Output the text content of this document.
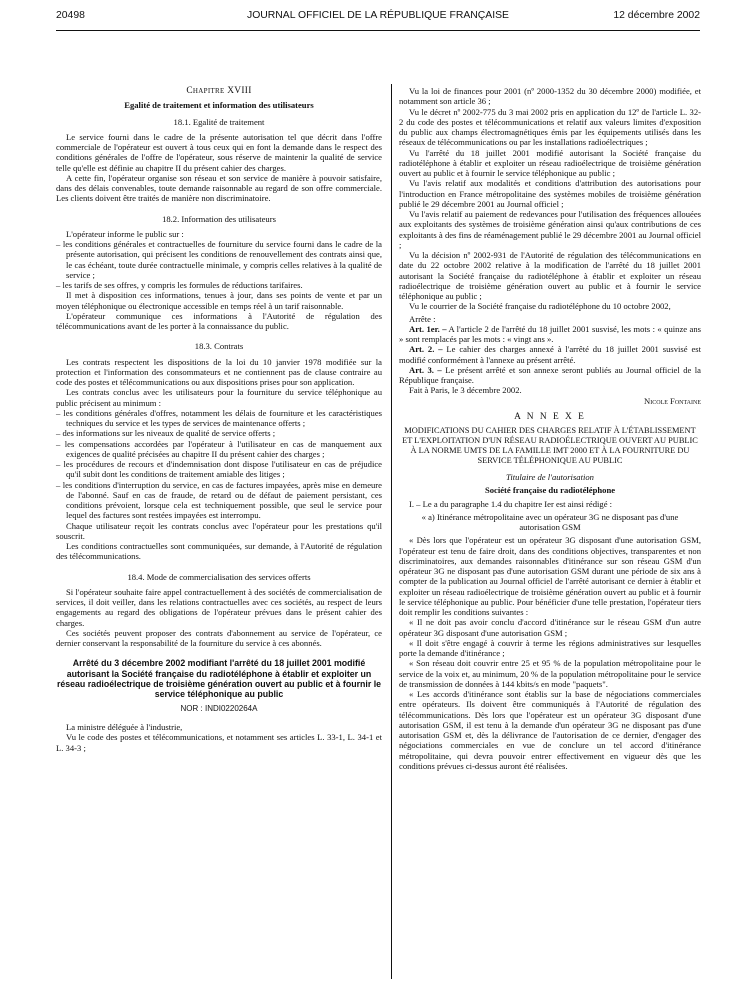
20498	JOURNAL OFFICIEL DE LA RÉPUBLIQUE FRANÇAISE	12 décembre 2002

Chapitre XVIII

Egalité de traitement et information des utilisateurs

18.1. Egalité de traitement

Le service fourni dans le cadre de la présente autorisation tel que décrit dans l'offre commerciale de l'opérateur est ouvert à tous ceux qui en font la demande dans le respect des conditions générales de l'offre de l'opérateur, sous réserve de maintenir la qualité de service telle qu'elle est définie au chapitre II du présent cahier des charges.

A cette fin, l'opérateur organise son réseau et son service de manière à pouvoir satisfaire, dans des délais convenables, toute demande raisonnable au regard de son offre commerciale. Les clients doivent être traités de manière non discriminatoire.

18.2. Information des utilisateurs

L'opérateur informe le public sur :

– les conditions générales et contractuelles de fourniture du service fourni dans le cadre de la présente autorisation, qui précisent les conditions de renouvellement des contrats ainsi que, le cas échéant, toute durée contractuelle minimale, y compris celles relatives à la qualité de service ;

– les tarifs de ses offres, y compris les formules de réductions tarifaires.

Il met à disposition ces informations, tenues à jour, dans ses points de vente et par un moyen téléphonique ou électronique accessible en temps réel à un tarif raisonnable.

L'opérateur communique ces informations à l'Autorité de régulation des télécommunications avant de les porter à la connaissance du public.

18.3. Contrats

Les contrats respectent les dispositions de la loi du 10 janvier 1978 modifiée sur la protection et l'information des consommateurs et ne contiennent pas de clause contraire au code des postes et télécommunications ou aux dispositions prises pour son application.

Les contrats conclus avec les utilisateurs pour la fourniture du service téléphonique au public précisent au minimum :

– les conditions générales d'offres, notamment les délais de fourniture et les caractéristiques techniques du service et les types de services de maintenance offerts ;

– des informations sur les niveaux de qualité de service offerts ;

– les compensations accordées par l'opérateur à l'utilisateur en cas de manquement aux exigences de qualité précisées au chapitre II du présent cahier des charges ;

– les procédures de recours et d'indemnisation dont dispose l'utilisateur en cas de préjudice qu'il subit dont les conditions de traitement amiable des litiges ;

– les conditions d'interruption du service, en cas de factures impayées, après mise en demeure de l'abonné. Sauf en cas de fraude, de retard ou de défaut de paiement persistant, ces conditions prévoient, lorsque cela est techniquement possible, que seul le service pour lequel des factures sont restées impayées est interrompu.

Chaque utilisateur reçoit les contrats conclus avec l'opérateur pour les prestations qu'il souscrit.

Les conditions contractuelles sont communiquées, sur demande, à l'Autorité de régulation des télécommunications.

18.4. Mode de commercialisation des services offerts

Si l'opérateur souhaite faire appel contractuellement à des sociétés de commercialisation de services, il doit veiller, dans les relations contractuelles avec ces sociétés, au respect de leurs engagements au regard des obligations de l'opérateur prévues dans le présent cahier des charges.

Ces sociétés peuvent proposer des contrats d'abonnement au service de l'opérateur, ce dernier conservant la responsabilité de la fourniture du service à ces abonnés.

Arrêté du 3 décembre 2002 modifiant l'arrêté du 18 juillet 2001 modifié autorisant la Société française du radiotéléphone à établir et exploiter un réseau radioélectrique de troisième génération ouvert au public et à fournir le service téléphonique au public

NOR : INDI0220264A

La ministre déléguée à l'industrie,

Vu le code des postes et télécommunications, et notamment ses articles L. 33-1, L. 34-1 et L. 34-3 ;

Vu la loi de finances pour 2001 (nº 2000-1352 du 30 décembre 2000) modifiée, et notamment son article 36 ;

Vu le décret nº 2002-775 du 3 mai 2002 pris en application du 12º de l'article L. 32-2 du code des postes et télécommunications et relatif aux valeurs limites d'exposition du public aux champs électromagnétiques émis par les équipements utilisés dans les réseaux de télécommunications ou par les installations radioélectriques ;

Vu l'arrêté du 18 juillet 2001 modifié autorisant la Société française du radiotéléphone à établir et exploiter un réseau radioélectrique de troisième génération ouvert au public et à fournir le service téléphonique au public ;

Vu l'avis relatif aux modalités et conditions d'attribution des autorisations pour l'introduction en France métropolitaine des systèmes mobiles de troisième génération publié le 29 décembre 2001 au Journal officiel ;

Vu l'avis relatif au paiement de redevances pour l'utilisation des fréquences allouées aux exploitants des systèmes de troisième génération ainsi qu'aux contributions de ces exploitants à des fins de réaménagement publié le 29 décembre 2001 au Journal officiel ;

Vu la décision nº 2002-931 de l'Autorité de régulation des télécommunications en date du 22 octobre 2002 relative à la modification de l'arrêté du 18 juillet 2001 autorisant la Société française du radiotéléphone à établir et exploiter un réseau radioélectrique de troisième génération ouvert au public et à fournir le service téléphonique au public ;

Vu le courrier de la Société française du radiotéléphone du 10 octobre 2002,

Arrête :

Art. 1er. – A l'article 2 de l'arrêté du 18 juillet 2001 susvisé, les mots : « quinze ans » sont remplacés par les mots : « vingt ans ».

Art. 2. – Le cahier des charges annexé à l'arrêté du 18 juillet 2001 susvisé est modifié conformément à l'annexe au présent arrêté.

Art. 3. – Le présent arrêté et son annexe seront publiés au Journal officiel de la République française.

Fait à Paris, le 3 décembre 2002.

Nicole Fontaine

A N N E X E

MODIFICATIONS DU CAHIER DES CHARGES RELATIF À L'ÉTABLISSEMENT ET L'EXPLOITATION D'UN RÉSEAU RADIOÉLECTRIQUE OUVERT AU PUBLIC À LA NORME UMTS DE LA FAMILLE IMT 2000 ET À LA FOURNITURE DU SERVICE TÉLÉPHONIQUE AU PUBLIC

Titulaire de l'autorisation

Société française du radiotéléphone

I. – Le a du paragraphe 1.4 du chapitre Ier est ainsi rédigé :

« a) Itinérance métropolitaine avec un opérateur 3G ne disposant pas d'une autorisation GSM

« Dès lors que l'opérateur est un opérateur 3G disposant d'une autorisation GSM, l'opérateur est tenu de faire droit, dans des conditions objectives, transparentes et non discriminatoires, aux demandes raisonnables d'itinérance sur son réseau GSM d'un opérateur 3G ne disposant pas d'une autorisation GSM durant une période de six ans à compter de la publication au Journal officiel de l'arrêté autorisant ce dernier à établir et exploiter un réseau radioélectrique de troisième génération ouvert au public et à fournir le service téléphonique au public. Pour bénéficier d'une telle prestation, l'opérateur tiers doit remplir les conditions suivantes :

« Il ne doit pas avoir conclu d'accord d'itinérance sur le réseau GSM d'un autre opérateur 3G disposant d'une autorisation GSM ;

« Il doit s'être engagé à couvrir à terme les régions administratives sur lesquelles porte la demande d'itinérance ;

« Son réseau doit couvrir entre 25 et 95 % de la population métropolitaine pour le service de la voix et, au minimum, 20 % de la population métropolitaine pour le service de transmission de données à 144 kbits/s en mode "paquets".

« Les accords d'itinérance sont établis sur la base de négociations commerciales entre opérateurs. Ils doivent être communiqués à l'Autorité de régulation des télécommunications. Dès lors que l'opérateur est un opérateur 3G disposant d'une autorisation GSM, il est tenu à la demande d'un opérateur 3G ne disposant pas d'une autorisation GSM et, dès la délivrance de l'autorisation de ce dernier, d'engager des négociations commerciales en vue de conclure un tel accord d'itinérance métropolitaine, qui devra pouvoir entrer effectivement en vigueur dès que les conditions prévues ci-dessus auront été réalisées.
